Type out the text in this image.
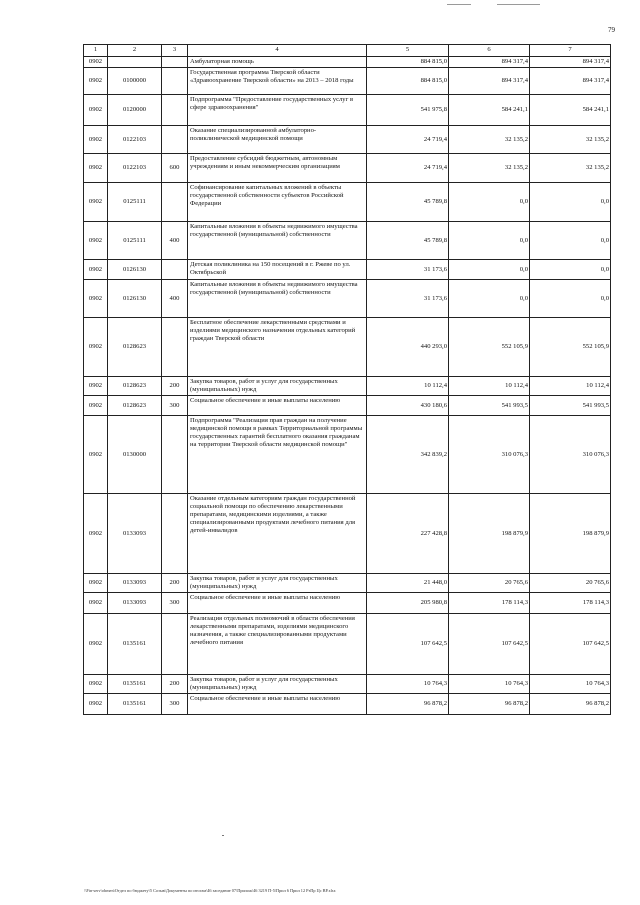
79
1	2	3	4	5	6	7
0902			Амбулаторная помощь	884 815,0	894 317,4	894 317,4
0902	0100000		Государственная программа Тверской области «Здравоохранение Тверской области» на 2013 – 2018 годы	884 815,0	894 317,4	894 317,4
0902	0120000		Подпрограмма "Предоставление государственных услуг в сфере здравоохранения"	541 975,8	584 241,1	584 241,1
0902	0122103		Оказание специализированной амбулаторно-поликлинической медицинской помощи	24 719,4	32 135,2	32 135,2
0902	0122103	600	Предоставление субсидий бюджетным, автономным учреждениям и иным некоммерческим организациям	24 719,4	32 135,2	32 135,2
0902	0125111		Софинансирование капитальных вложений в объекты государственной собственности субъектов Российской Федерации	45 789,8	0,0	0,0
0902	0125111	400	Капитальные вложения в объекты недвижимого имущества государственной (муниципальной) собственности	45 789,8	0,0	0,0
0902	0126130		Детская поликлиника на 150 посещений в г. Ржеве по ул. Октябрьской	31 173,6	0,0	0,0
0902	0126130	400	Капитальные вложения в объекты недвижимого имущества государственной (муниципальной) собственности	31 173,6	0,0	0,0
0902	0128623		Бесплатное обеспечение лекарственными средствами и изделиями медицинского назначения отдельных категорий граждан Тверской области	440 293,0	552 105,9	552 105,9
0902	0128623	200	Закупка товаров, работ и услуг для государственных (муниципальных) нужд	10 112,4	10 112,4	10 112,4
0902	0128623	300	Социальное обеспечение и иные выплаты населению	430 180,6	541 993,5	541 993,5
0902	0130000		Подпрограмма "Реализация прав граждан на получение медицинской помощи в рамках Территориальной программы государственных гарантий бесплатного оказания гражданам на территории Тверской области медицинской помощи"	342 839,2	310 076,3	310 076,3
0902	0133093		Оказание отдельным категориям граждан государственной социальной помощи по обеспечению лекарственными препаратами, медицинскими изделиями, а также специализированными продуктами лечебного питания для детей-инвалидов	227 428,8	198 879,9	198 879,9
0902	0133093	200	Закупка товаров, работ и услуг для государственных (муниципальных) нужд	21 448,0	20 765,6	20 765,6
0902	0133093	300	Социальное обеспечение и иные выплаты населению	205 980,8	178 114,3	178 114,3
0902	0135161		Реализация отдельных полномочий в области обеспечения лекарственными препаратами, изделиями медицинского назначения, а также специализированными продуктами лечебного питания	107 642,5	107 642,5	107 642,5
0902	0135161	200	Закупка товаров, работ и услуг для государственных (муниципальных) нужд	10 764,3	10 764,3	10 764,3
0902	0135161	300	Социальное обеспечение и иные выплаты населению	96 878,2	96 878,2	96 878,2
\\Fin-serv\obmen\Отдел по бюджету\5 Созыв\Документы по итогам\46 заседание 07\Прилож\46 3219 П-5\Прил 6 Прил 12 РзПр Цс ВР.xlsx
